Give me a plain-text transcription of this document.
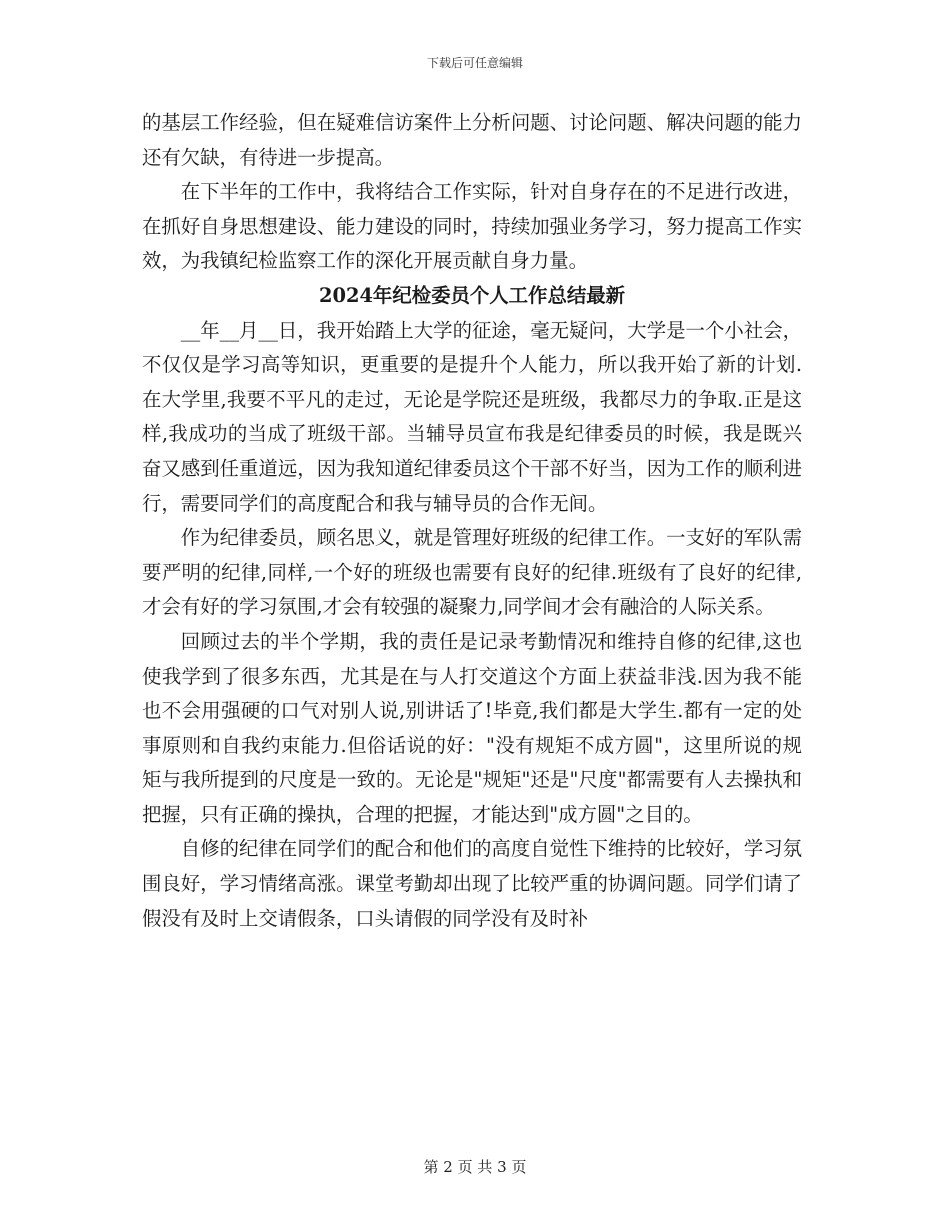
下载后可任意编辑

的基层工作经验，但在疑难信访案件上分析问题、讨论问题、解决问题的能力还有欠缺，有待进一步提高。

在下半年的工作中，我将结合工作实际，针对自身存在的不足进行改进，在抓好自身思想建设、能力建设的同时，持续加强业务学习，努力提高工作实效，为我镇纪检监察工作的深化开展贡献自身力量。

2024年纪检委员个人工作总结最新

__年__月__日，我开始踏上大学的征途，毫无疑问，大学是一个小社会，不仅仅是学习高等知识，更重要的是提升个人能力，所以我开始了新的计划.在大学里,我要不平凡的走过，无论是学院还是班级，我都尽力的争取.正是这样,我成功的当成了班级干部。当辅导员宣布我是纪律委员的时候，我是既兴奋又感到任重道远，因为我知道纪律委员这个干部不好当，因为工作的顺利进行，需要同学们的高度配合和我与辅导员的合作无间。

作为纪律委员，顾名思义，就是管理好班级的纪律工作。一支好的军队需要严明的纪律,同样,一个好的班级也需要有良好的纪律.班级有了良好的纪律,才会有好的学习氛围,才会有较强的凝聚力,同学间才会有融洽的人际关系。

回顾过去的半个学期，我的责任是记录考勤情况和维持自修的纪律,这也使我学到了很多东西，尤其是在与人打交道这个方面上获益非浅.因为我不能也不会用强硬的口气对别人说,别讲话了!毕竟,我们都是大学生.都有一定的处事原则和自我约束能力.但俗话说的好："没有规矩不成方圆"，这里所说的规矩与我所提到的尺度是一致的。无论是"规矩"还是"尺度"都需要有人去操执和把握，只有正确的操执，合理的把握，才能达到"成方圆"之目的。

自修的纪律在同学们的配合和他们的高度自觉性下维持的比较好，学习氛围良好，学习情绪高涨。课堂考勤却出现了比较严重的协调问题。同学们请了假没有及时上交请假条，口头请假的同学没有及时补

第 2 页 共 3 页
